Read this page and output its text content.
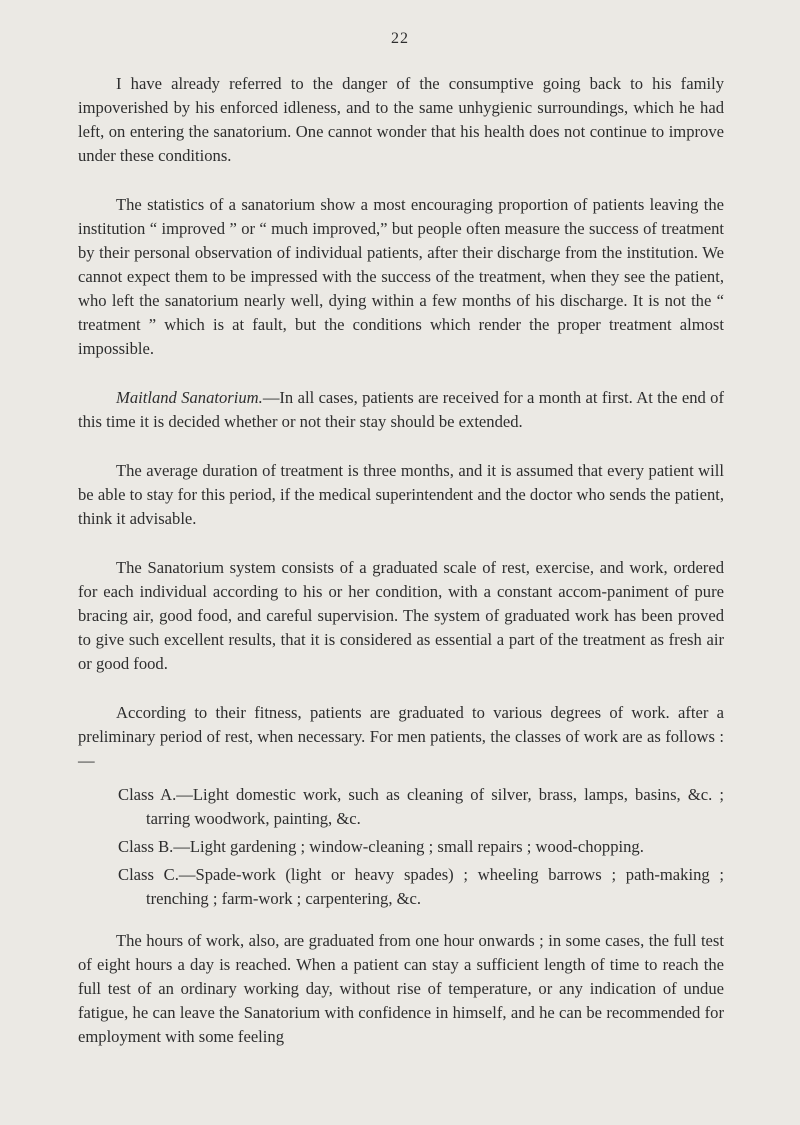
22

I have already referred to the danger of the consumptive going back to his family impoverished by his enforced idleness, and to the same unhygienic surroundings, which he had left, on entering the sanatorium. One cannot wonder that his health does not continue to improve under these conditions.

The statistics of a sanatorium show a most encouraging proportion of patients leaving the institution “ improved ” or “ much improved,” but people often measure the success of treatment by their personal observation of individual patients, after their discharge from the institution. We cannot expect them to be impressed with the success of the treatment, when they see the patient, who left the sanatorium nearly well, dying within a few months of his discharge. It is not the “ treatment ” which is at fault, but the conditions which render the proper treatment almost impossible.

Maitland Sanatorium.—In all cases, patients are received for a month at first. At the end of this time it is decided whether or not their stay should be extended.

The average duration of treatment is three months, and it is assumed that every patient will be able to stay for this period, if the medical superintendent and the doctor who sends the patient, think it advisable.

The Sanatorium system consists of a graduated scale of rest, exercise, and work, ordered for each individual according to his or her condition, with a constant accom-paniment of pure bracing air, good food, and careful supervision. The system of graduated work has been proved to give such excellent results, that it is considered as essential a part of the treatment as fresh air or good food.

According to their fitness, patients are graduated to various degrees of work. after a preliminary period of rest, when necessary. For men patients, the classes of work are as follows :—

Class A.—Light domestic work, such as cleaning of silver, brass, lamps, basins, &c. ; tarring woodwork, painting, &c.
Class B.—Light gardening ; window-cleaning ; small repairs ; wood-chopping.
Class C.—Spade-work (light or heavy spades) ; wheeling barrows ; path-making ; trenching ; farm-work ; carpentering, &c.

The hours of work, also, are graduated from one hour onwards ; in some cases, the full test of eight hours a day is reached. When a patient can stay a sufficient length of time to reach the full test of an ordinary working day, without rise of temperature, or any indication of undue fatigue, he can leave the Sanatorium with confidence in himself, and he can be recommended for employment with some feeling
